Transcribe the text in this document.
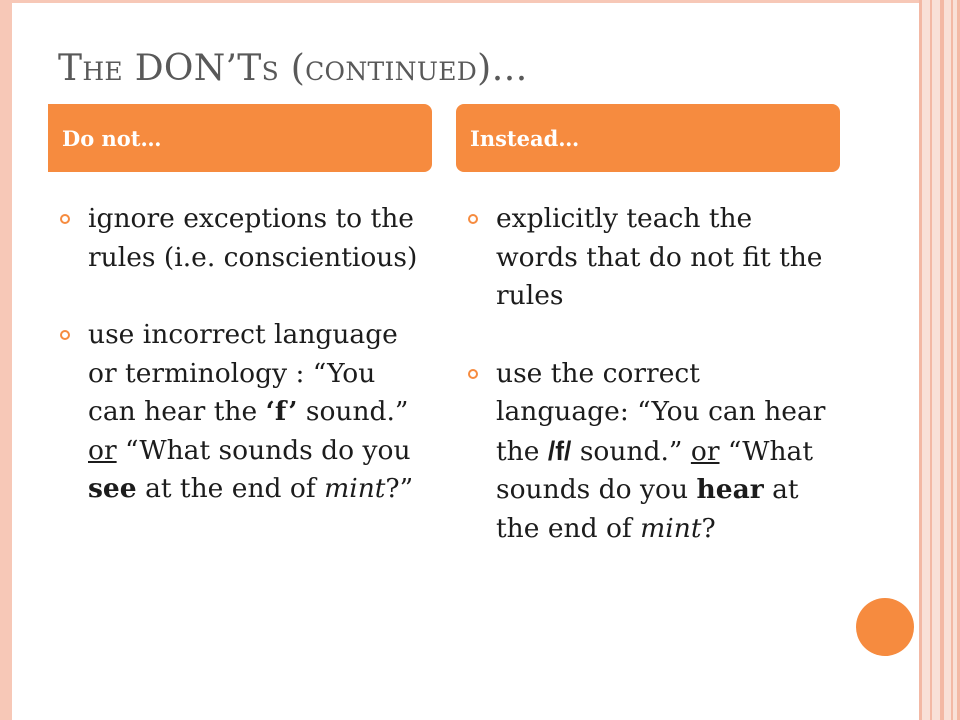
THE DON’TS (CONTINUED)…
Do not…	Instead…
ignore exceptions to the rules (i.e. conscientious)
use incorrect language or terminology : “You can hear the ‘f’ sound.” or “What sounds do you see at the end of mint?”
explicitly teach the words that do not fit the rules
use the correct language: “You can hear the /f/ sound.” or “What sounds do you hear at the end of mint?
